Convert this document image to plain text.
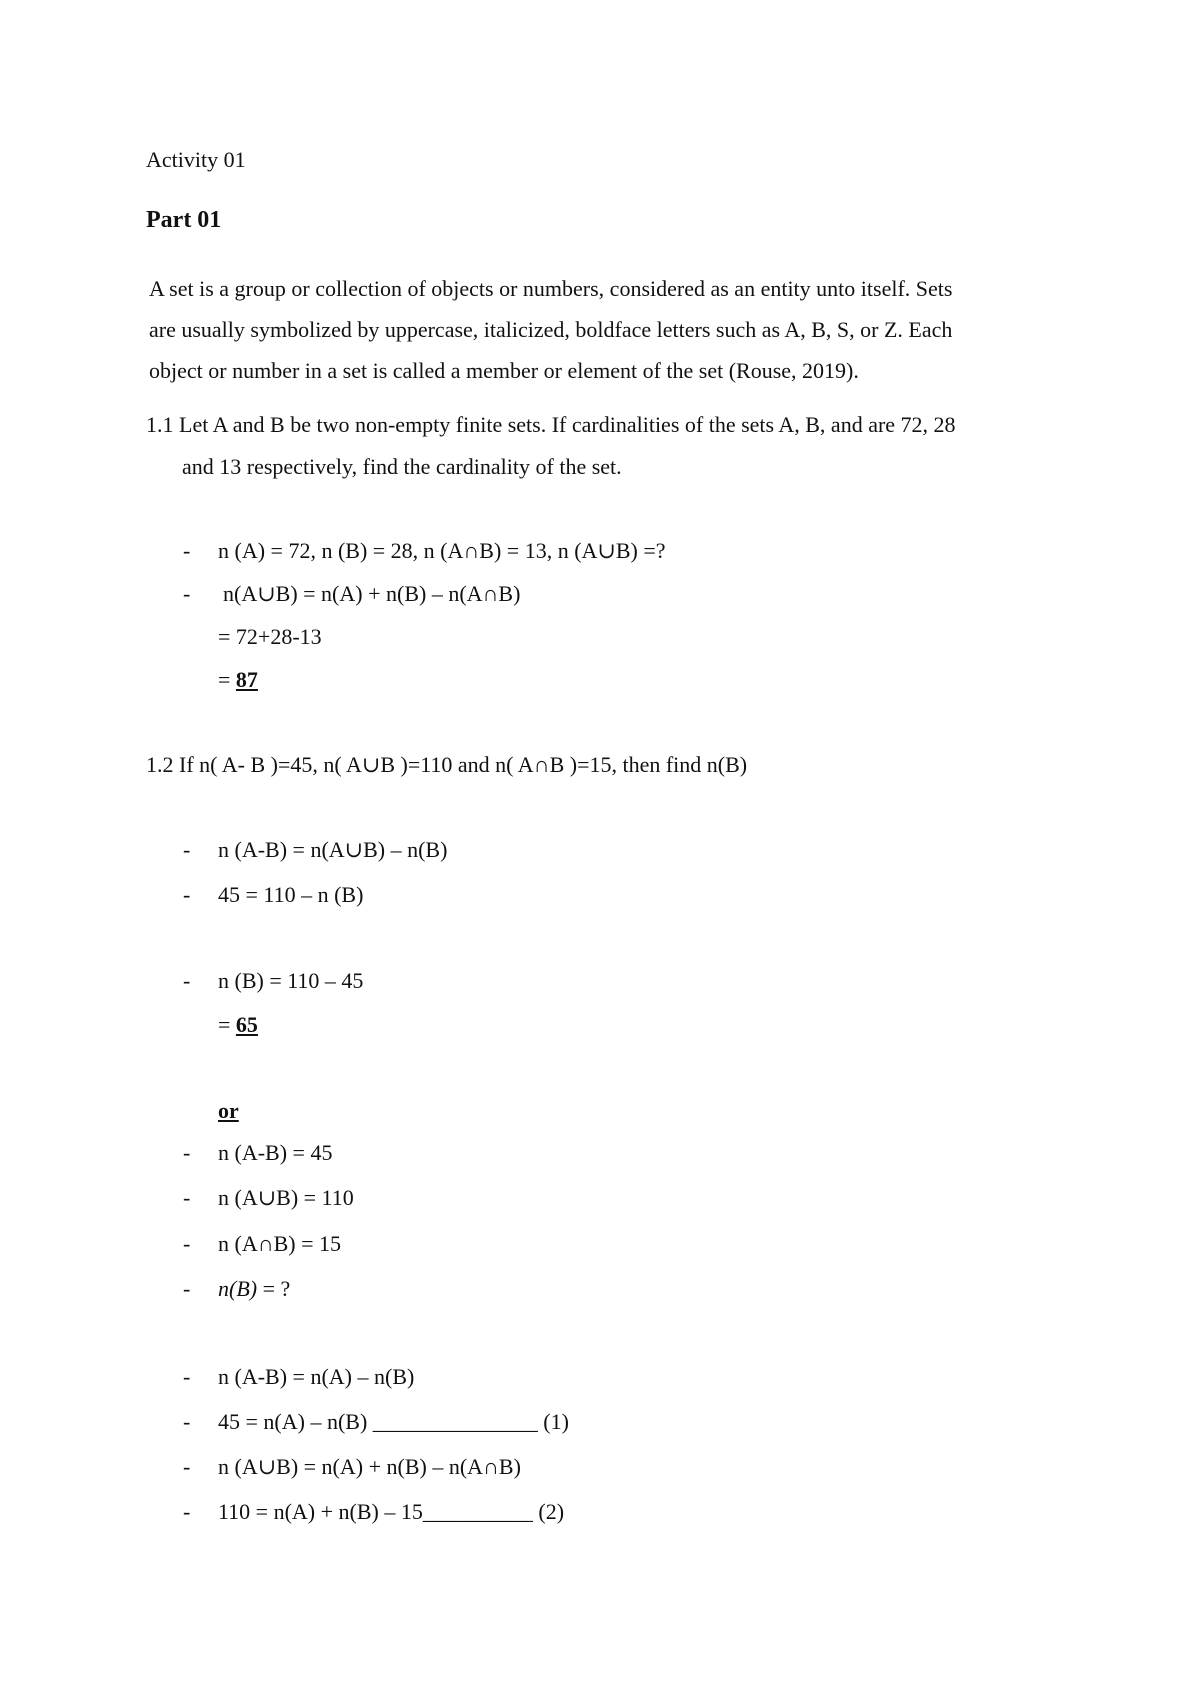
Activity 01
Part 01
A set is a group or collection of objects or numbers, considered as an entity unto itself. Sets
are usually symbolized by uppercase, italicized, boldface letters such as A, B, S, or Z. Each
object or number in a set is called a member or element of the set (Rouse, 2019).
1.1 Let A and B be two non-empty finite sets. If cardinalities of the sets A, B, and are 72, 28
and 13 respectively, find the cardinality of the set.
- n (A) = 72, n (B) = 28, n (A∩B) = 13, n (A∪B) =?
- n(A∪B) = n(A) + n(B) – n(A∩B)
= 72+28-13
= 87
1.2 If n( A- B )=45, n( A∪B )=110 and n( A∩B )=15, then find n(B)
- n (A-B) = n(A∪B) – n(B)
- 45 = 110 – n (B)
- n (B) = 110 – 45
= 65
or
- n (A-B) = 45
- n (A∪B) = 110
- n (A∩B) = 15
- n(B) = ?
- n (A-B) = n(A) – n(B)
- 45 = n(A) – n(B) _______________ (1)
- n (A∪B) = n(A) + n(B) – n(A∩B)
- 110 = n(A) + n(B) – 15__________ (2)
